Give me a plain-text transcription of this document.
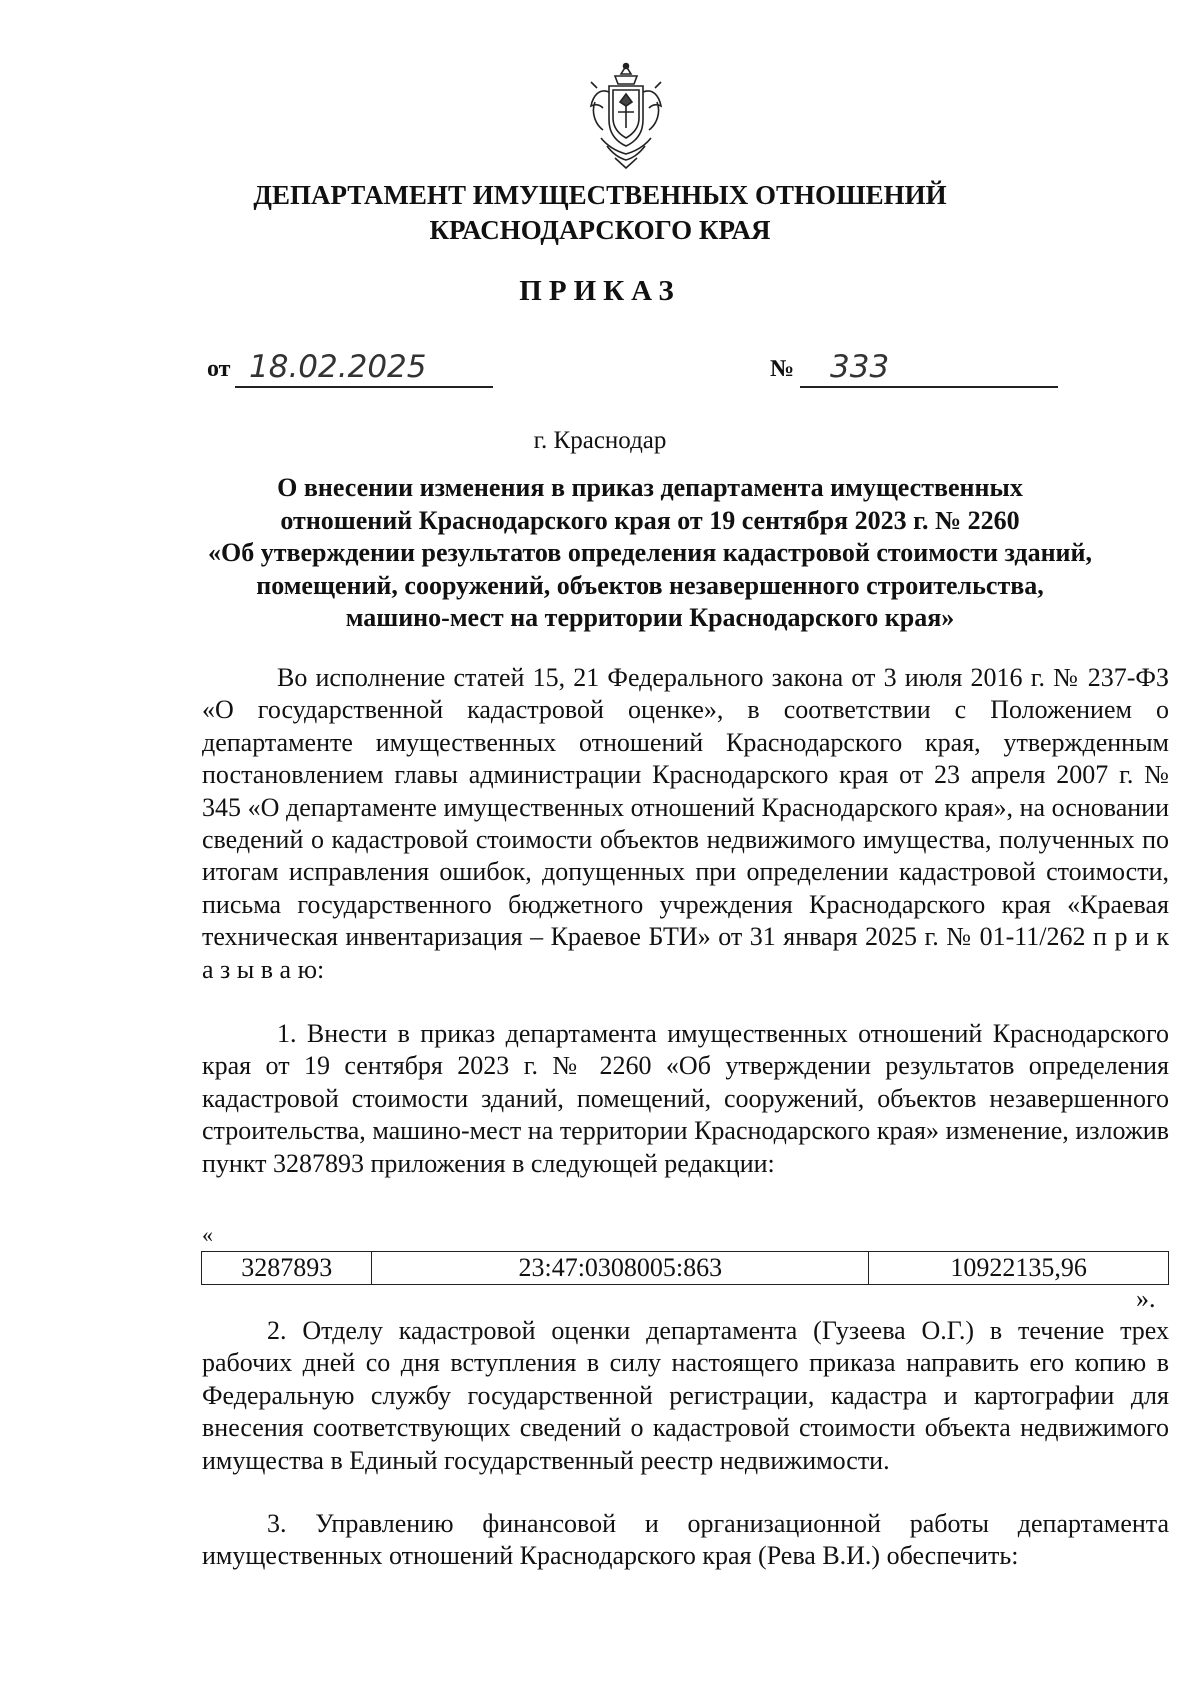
ДЕПАРТАМЕНТ ИМУЩЕСТВЕННЫХ ОТНОШЕНИЙ
КРАСНОДАРСКОГО КРАЯ
ПРИКАЗ
от 18.02.2025	№	333
г. Краснодар
О внесении изменения в приказ департамента имущественных
отношений Краснодарского края от 19 сентября 2023 г. № 2260
«Об утверждении результатов определения кадастровой стоимости зданий,
помещений, сооружений, объектов незавершенного строительства,
машино-мест на территории Краснодарского края»

Во исполнение статей 15, 21 Федерального закона от 3 июля 2016 г. № 237-ФЗ «О государственной кадастровой оценке», в соответствии с Положением о департаменте имущественных отношений Краснодарского края, утвержденным постановлением главы администрации Краснодарского края от 23 апреля 2007 г. № 345 «О департаменте имущественных отношений Краснодарского края», на основании сведений о кадастровой стоимости объектов недвижимого имущества, полученных по итогам исправления ошибок, допущенных при определении кадастровой стоимости, письма государственного бюджетного учреждения Краснодарского края «Краевая техническая инвентаризация – Краевое БТИ» от 31 января 2025 г. № 01-11/262 п р и к а з ы в а ю:

1. Внести в приказ департамента имущественных отношений Краснодарского края от 19 сентября 2023 г. № 2260 «Об утверждении результатов определения кадастровой стоимости зданий, помещений, сооружений, объектов незавершенного строительства, машино-мест на территории Краснодарского края» изменение, изложив пункт 3287893 приложения в следующей редакции:

«
3287893	23:47:0308005:863	10922135,96
».

2. Отделу кадастровой оценки департамента (Гузеева О.Г.) в течение трех рабочих дней со дня вступления в силу настоящего приказа направить его копию в Федеральную службу государственной регистрации, кадастра и картографии для внесения соответствующих сведений о кадастровой стоимости объекта недвижимого имущества в Единый государственный реестр недвижимости.

3. Управлению финансовой и организационной работы департамента имущественных отношений Краснодарского края (Рева В.И.) обеспечить:
